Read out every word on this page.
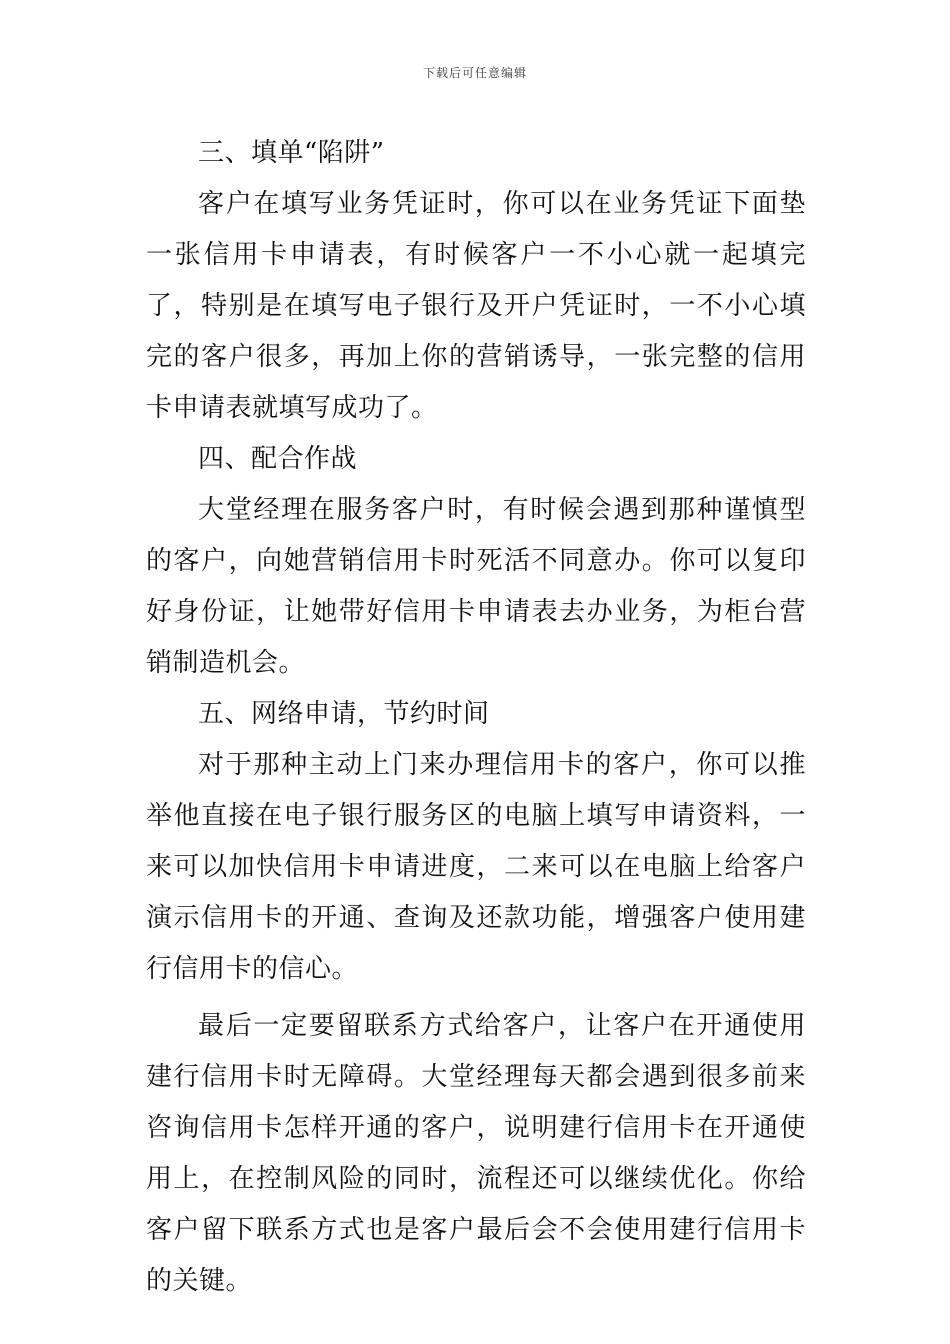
下载后可任意编辑

三、填单“陷阱”

客户在填写业务凭证时，你可以在业务凭证下面垫一张信用卡申请表，有时候客户一不小心就一起填完了，特别是在填写电子银行及开户凭证时，一不小心填完的客户很多，再加上你的营销诱导，一张完整的信用卡申请表就填写成功了。

四、配合作战

大堂经理在服务客户时，有时候会遇到那种谨慎型的客户，向她营销信用卡时死活不同意办。你可以复印好身份证，让她带好信用卡申请表去办业务，为柜台营销制造机会。

五、网络申请，节约时间

对于那种主动上门来办理信用卡的客户，你可以推举他直接在电子银行服务区的电脑上填写申请资料，一来可以加快信用卡申请进度，二来可以在电脑上给客户演示信用卡的开通、查询及还款功能，增强客户使用建行信用卡的信心。

最后一定要留联系方式给客户，让客户在开通使用建行信用卡时无障碍。大堂经理每天都会遇到很多前来咨询信用卡怎样开通的客户，说明建行信用卡在开通使用上，在控制风险的同时，流程还可以继续优化。你给客户留下联系方式也是客户最后会不会使用建行信用卡的关键。
